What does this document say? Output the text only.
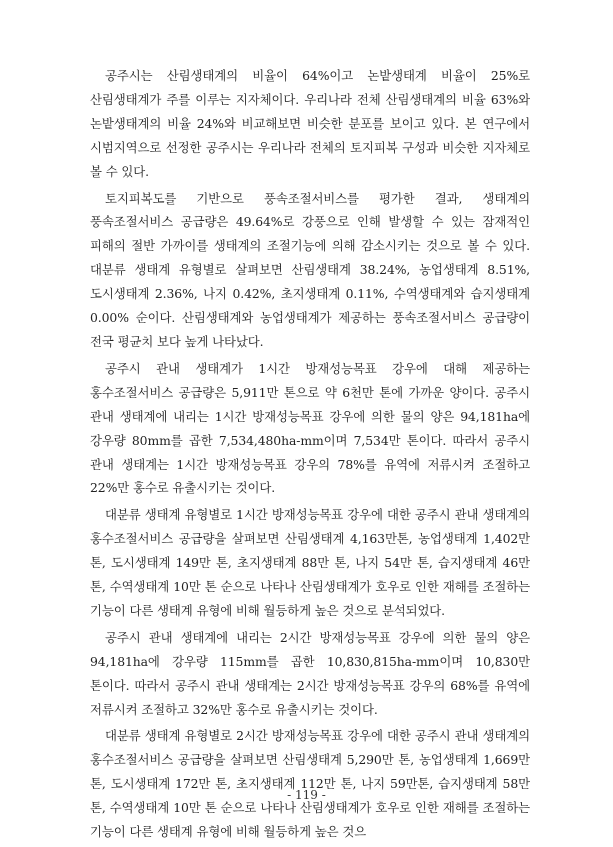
공주시는 산림생태계의 비율이 64%이고 논밭생태계 비율이 25%로 산림생태계가 주를 이루는 지자체이다. 우리나라 전체 산림생태계의 비율 63%와 논밭생태계의 비율 24%와 비교해보면 비슷한 분포를 보이고 있다. 본 연구에서 시범지역으로 선정한 공주시는 우리나라 전체의 토지피복 구성과 비슷한 지자체로 볼 수 있다.

토지피복도를 기반으로 풍속조절서비스를 평가한 결과, 생태계의 풍속조절서비스 공급량은 49.64%로 강풍으로 인해 발생할 수 있는 잠재적인 피해의 절반 가까이를 생태계의 조절기능에 의해 감소시키는 것으로 볼 수 있다. 대분류 생태계 유형별로 살펴보면 산림생태계 38.24%, 농업생태계 8.51%, 도시생태계 2.36%, 나지 0.42%, 초지생태계 0.11%, 수역생태계와 습지생태계 0.00% 순이다. 산림생태계와 농업생태계가 제공하는 풍속조절서비스 공급량이 전국 평균치 보다 높게 나타났다.

공주시 관내 생태계가 1시간 방재성능목표 강우에 대해 제공하는 홍수조절서비스 공급량은 5,911만 톤으로 약 6천만 톤에 가까운 양이다. 공주시 관내 생태계에 내리는 1시간 방재성능목표 강우에 의한 물의 양은 94,181ha에 강우량 80mm를 곱한 7,534,480ha-mm이며 7,534만 톤이다. 따라서 공주시 관내 생태계는 1시간 방재성능목표 강우의 78%를 유역에 저류시켜 조절하고 22%만 홍수로 유출시키는 것이다.

대분류 생태계 유형별로 1시간 방재성능목표 강우에 대한 공주시 관내 생태계의 홍수조절서비스 공급량을 살펴보면 산림생태계 4,163만톤, 농업생태계 1,402만 톤, 도시생태계 149만 톤, 초지생태계 88만 톤, 나지 54만 톤, 습지생태계 46만 톤, 수역생태계 10만 톤 순으로 나타나 산림생태계가 호우로 인한 재해를 조절하는 기능이 다른 생태계 유형에 비해 월등하게 높은 것으로 분석되었다.

공주시 관내 생태계에 내리는 2시간 방재성능목표 강우에 의한 물의 양은 94,181ha에 강우량 115mm를 곱한 10,830,815ha-mm이며 10,830만 톤이다. 따라서 공주시 관내 생태계는 2시간 방재성능목표 강우의 68%를 유역에 저류시켜 조절하고 32%만 홍수로 유출시키는 것이다.

대분류 생태계 유형별로 2시간 방재성능목표 강우에 대한 공주시 관내 생태계의 홍수조절서비스 공급량을 살펴보면 산림생태계 5,290만 톤, 농업생태계 1,669만 톤, 도시생태계 172만 톤, 초지생태계 112만 톤, 나지 59만톤, 습지생태계 58만 톤, 수역생태계 10만 톤 순으로 나타나 산림생태계가 호우로 인한 재해를 조절하는 기능이 다른 생태계 유형에 비해 월등하게 높은 것으

- 119 -
